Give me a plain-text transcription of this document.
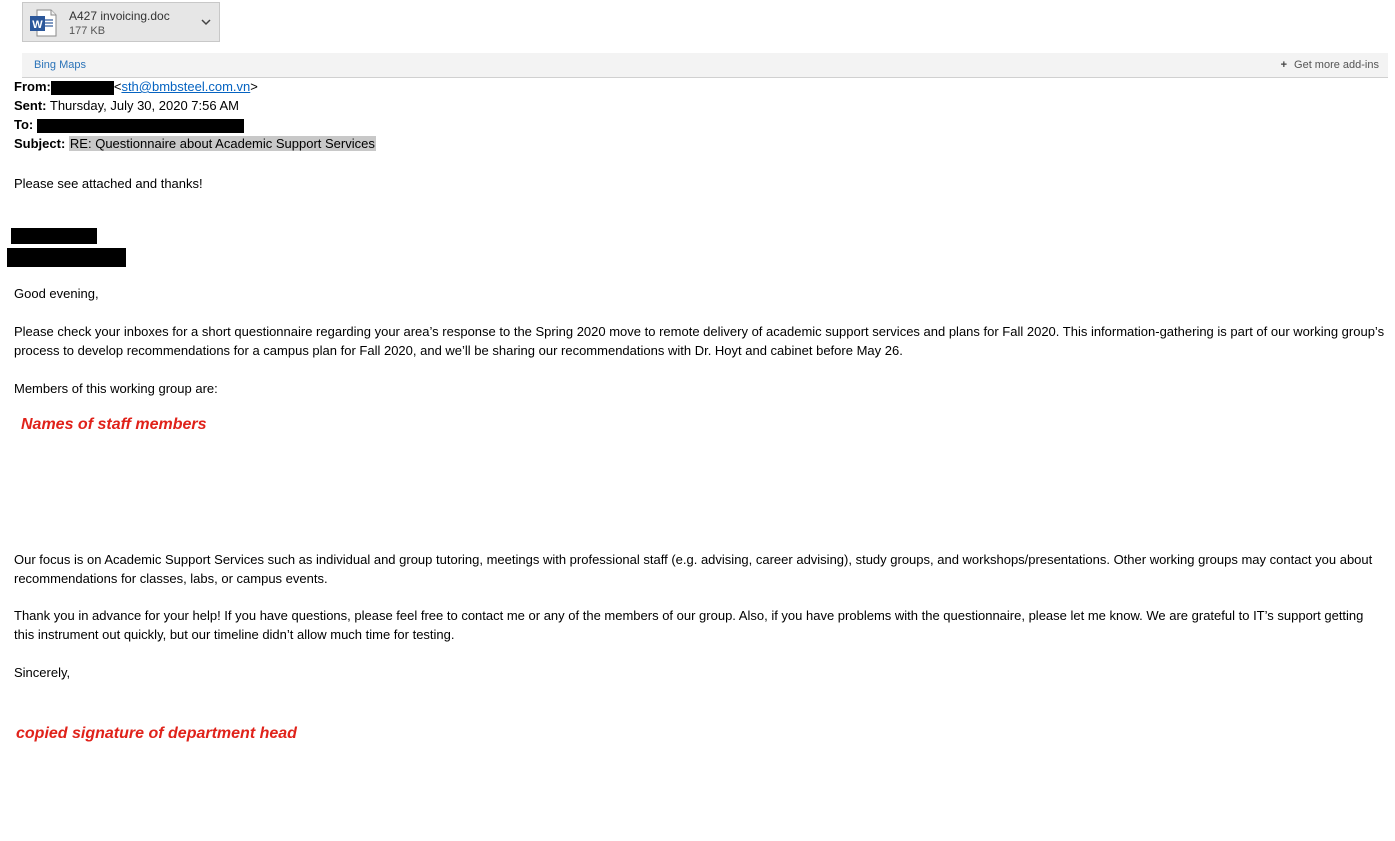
W
A427 invoicing.doc
177 KB
Bing Maps	+ Get more add-ins
From:	<sth@bmbsteel.com.vn>
Sent: Thursday, July 30, 2020 7:56 AM
To:
Subject: RE: Questionnaire about Academic Support Services
Please see attached and thanks!
Good evening,
Please check your inboxes for a short questionnaire regarding your area’s response to the Spring 2020 move to remote delivery of academic support services and plans for Fall 2020. This information-gathering is part of our working group’s process to develop recommendations for a campus plan for Fall 2020, and we’ll be sharing our recommendations with Dr. Hoyt and cabinet before May 26.
Members of this working group are:
Names of staff members
Our focus is on Academic Support Services such as individual and group tutoring, meetings with professional staff (e.g. advising, career advising), study groups, and workshops/presentations. Other working groups may contact you about recommendations for classes, labs, or campus events.
Thank you in advance for your help! If you have questions, please feel free to contact me or any of the members of our group. Also, if you have problems with the questionnaire, please let me know. We are grateful to IT’s support getting this instrument out quickly, but our timeline didn’t allow much time for testing.
Sincerely,
copied signature of department head
